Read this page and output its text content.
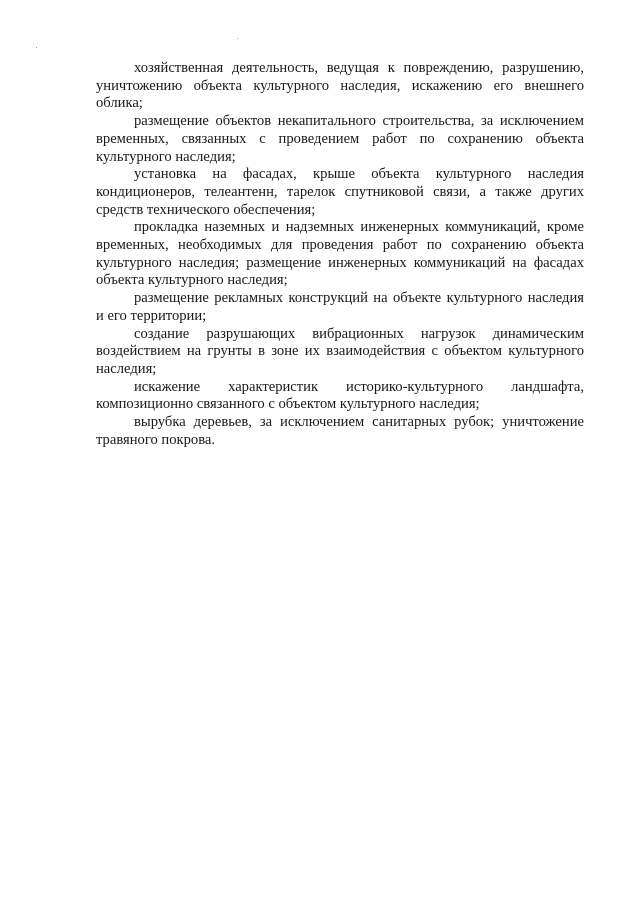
хозяйственная деятельность, ведущая к повреждению, разрушению, уничтожению объекта культурного наследия, искажению его внешнего облика;

размещение объектов некапитального строительства, за исключением временных, связанных с проведением работ по сохранению объекта культурного наследия;

установка на фасадах, крыше объекта культурного наследия кондиционеров, телеантенн, тарелок спутниковой связи, а также других средств технического обеспечения;

прокладка наземных и надземных инженерных коммуникаций, кроме временных, необходимых для проведения работ по сохранению объекта культурного наследия; размещение инженерных коммуникаций на фасадах объекта культурного наследия;

размещение рекламных конструкций на объекте культурного наследия и его территории;

создание разрушающих вибрационных нагрузок динамическим воздействием на грунты в зоне их взаимодействия с объектом культурного наследия;

искажение характеристик историко-культурного ландшафта, композиционно связанного с объектом культурного наследия;

вырубка деревьев, за исключением санитарных рубок; уничтожение травяного покрова.
